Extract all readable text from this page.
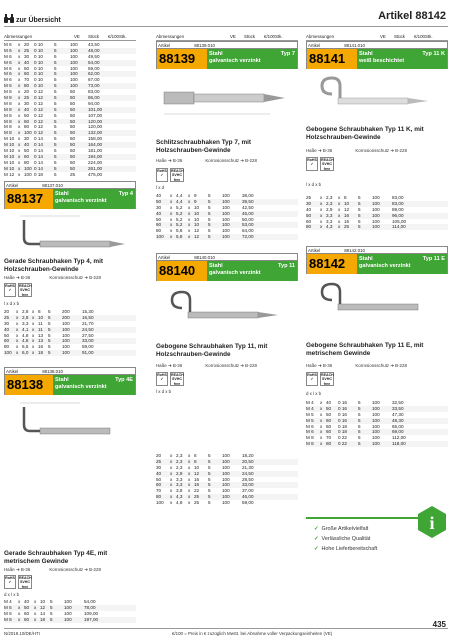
zur Übersicht	Artikel 88142
Abmessungen	VE Stück €/100Stk.
M 6 x 20 0 10 5	100 43,50
M 6 x 25 0 10 5	100 48,00
M 6 x 30 0 10 5	100 49,50
M 6 x 40 0 10 5	100 54,00
M 6 x 50 0 10 5	100 59,00
M 6 x 60 0 10 5	100 62,00
M 6 x 70 0 10 5	100 67,00
M 6 x 80 0 10 5	100 73,00
M 8 x 20 0 12 5	50	83,00
M 8 x 25 0 12 5	50	86,00
M 8 x 30 0 12 5	50	94,00
M 8 x 40 0 12 5	50	101,00
M 8 x 50 0 12 5	50	107,00
M 8 x 60 0 12 5	50	120,00
M 8 x 80 0 12 5	50	120,00
M 8 x 100 0 12 5	50	132,00
M 10 x 30 0 14 5	50	158,00
M 10 x 40 0 14 5	50	164,00
M 10 x 50 0 14 5	50	181,00
M 10 x 60 0 14 5	50	194,00
M 10 x 80 0 14 5	50	224,00
M 10 x 100 0 14 5	50	261,00
M 12 x 100 0 18 5	25	475,00
Artikel	88137.010
88137	Stahl
galvanisch verzinkt
Typ 4
Gerade Schraubhaken Typ 4, mit Holzschrauben-Gewinde
Haße ➜ B-36	Korrosionsschutz ➜ B-228
RoHS
✓
REACH SVHC free
l x d x b
20 x 2,8 x 8 5 200	15,30
25 x 2,8 x 10 5 200	16,50
30 x 3,3 x 11 5 100	21,70
40 x 4,1 x 11 5 100	24,50
50 x 4,8 x 13 5 100	27,50
60 x 4,8 x 13 5 100	33,00
80 x 5,5 x 16 5 100	59,00
100 x 6,0 x 18 5 100	91,00
Artikel	88138.010
88138	Stahl
galvanisch verzinkt
Typ 4E
Gerade Schraubhaken Typ 4E, mit metrischem Gewinde
Haße ➜ B-36	Korrosionsschutz ➜ B-228
RoHS
✓
REACH SVHC free
d x l x b
M 4 x 40 x 10 5 100	54,00
M 5 x 50 x 12 5 100	78,00
M 6 x 60 x 14 5 100	109,00
M 8 x 60 x 18 5 100	197,00
Abmessungen	VE Stück €/100Stk.
Artikel	88139.010
88139	Stahl
galvanisch verzinkt
Typ 7
Schlitzschraubhaken Typ 7, mit Holzschrauben-Gewinde
Haße ➜ B-36	Korrosionsschutz ➜ B-228
RoHS
✓
REACH SVHC free
l x d
40 x 4,4 x 9 5 100	38,00
50 x 4,4 x 9 5 100	39,50
30 x 5,2 x 10 5 100	42,50
40 x 5,2 x 10 5 100	46,00
50 x 5,2 x 10 5 100	50,00
60 x 5,2 x 10 5 100	53,00
80 x 5,8 x 12 5 100	64,00
100 x 5,8 x 12 5 100	72,00
Artikel	88140.010
88140	Stahl
galvanisch verzinkt
Typ 11
Gebogene Schraubhaken Typ 11, mit Holzschrauben-Gewinde
Haße ➜ B-36	Korrosionsschutz ➜ B-228
RoHS
✓
REACH SVHC free
l x d x b
20 x 2,3 x 6 5 100	18,20
25 x 2,3 x 8 5 100	20,50
30 x 2,3 x 10 5 100	21,30
40 x 2,9 x 12 5 100	24,50
50 x 3,3 x 16 5 100	28,50
60 x 3,3 x 16 5 100	33,00
70 x 3,8 x 22 5 100	37,00
80 x 4,3 x 25 5 100	46,00
100 x 4,8 x 25 5 100	59,00
Abmessungen	VE Stück €/100Stk.
Artikel	88141.010
88141	Stahl
weiß beschichtet
Typ 11 K
Gebogene Schraubhaken Typ 11 K, mit Holzschrauben-Gewinde
Haße ➜ B-36	Korrosionsschutz ➜ B-228
RoHS
✓
REACH SVHC free
l x d x b
25 x 2,3 x 8 5 100	83,00
30 x 2,3 x 10 5 100	83,00
40 x 2,9 x 12 5 100	89,00
50 x 3,3 x 16 5 100	96,00
60 x 3,3 x 16 5 100	105,00
80 x 4,3 x 25 5 100	114,00
Artikel	88142.010
88142	Stahl
galvanisch verzinkt
Typ 11 E
Gebogene Schraubhaken Typ 11 E, mit metrischem Gewinde
Haße ➜ B-36	Korrosionsschutz ➜ B-228
RoHS
✓
REACH SVHC free
d x l x b
M 4 x 40 0 16 5 100	32,50
M 4 x 50 0 16 5 100	33,50
M 5 x 50 0 16 5 100	47,30
M 5 x 60 0 16 5 100	48,30
M 6 x 50 0 18 5 100	65,00
M 6 x 60 0 18 5 100	69,00
M 8 x 70 0 22 5 100	112,00
M 8 x 80 0 22 5 100	118,00
i
✓ Große Artikelvielfalt
✓ Verlässliche Qualität
✓ Hohe Lieferbereitschaft
N/2019.10/DE/HTI	€/100 = Preis in € zuzüglich MwSt. bei Abnahme voller Verpackungseinheiten (VE)
435
